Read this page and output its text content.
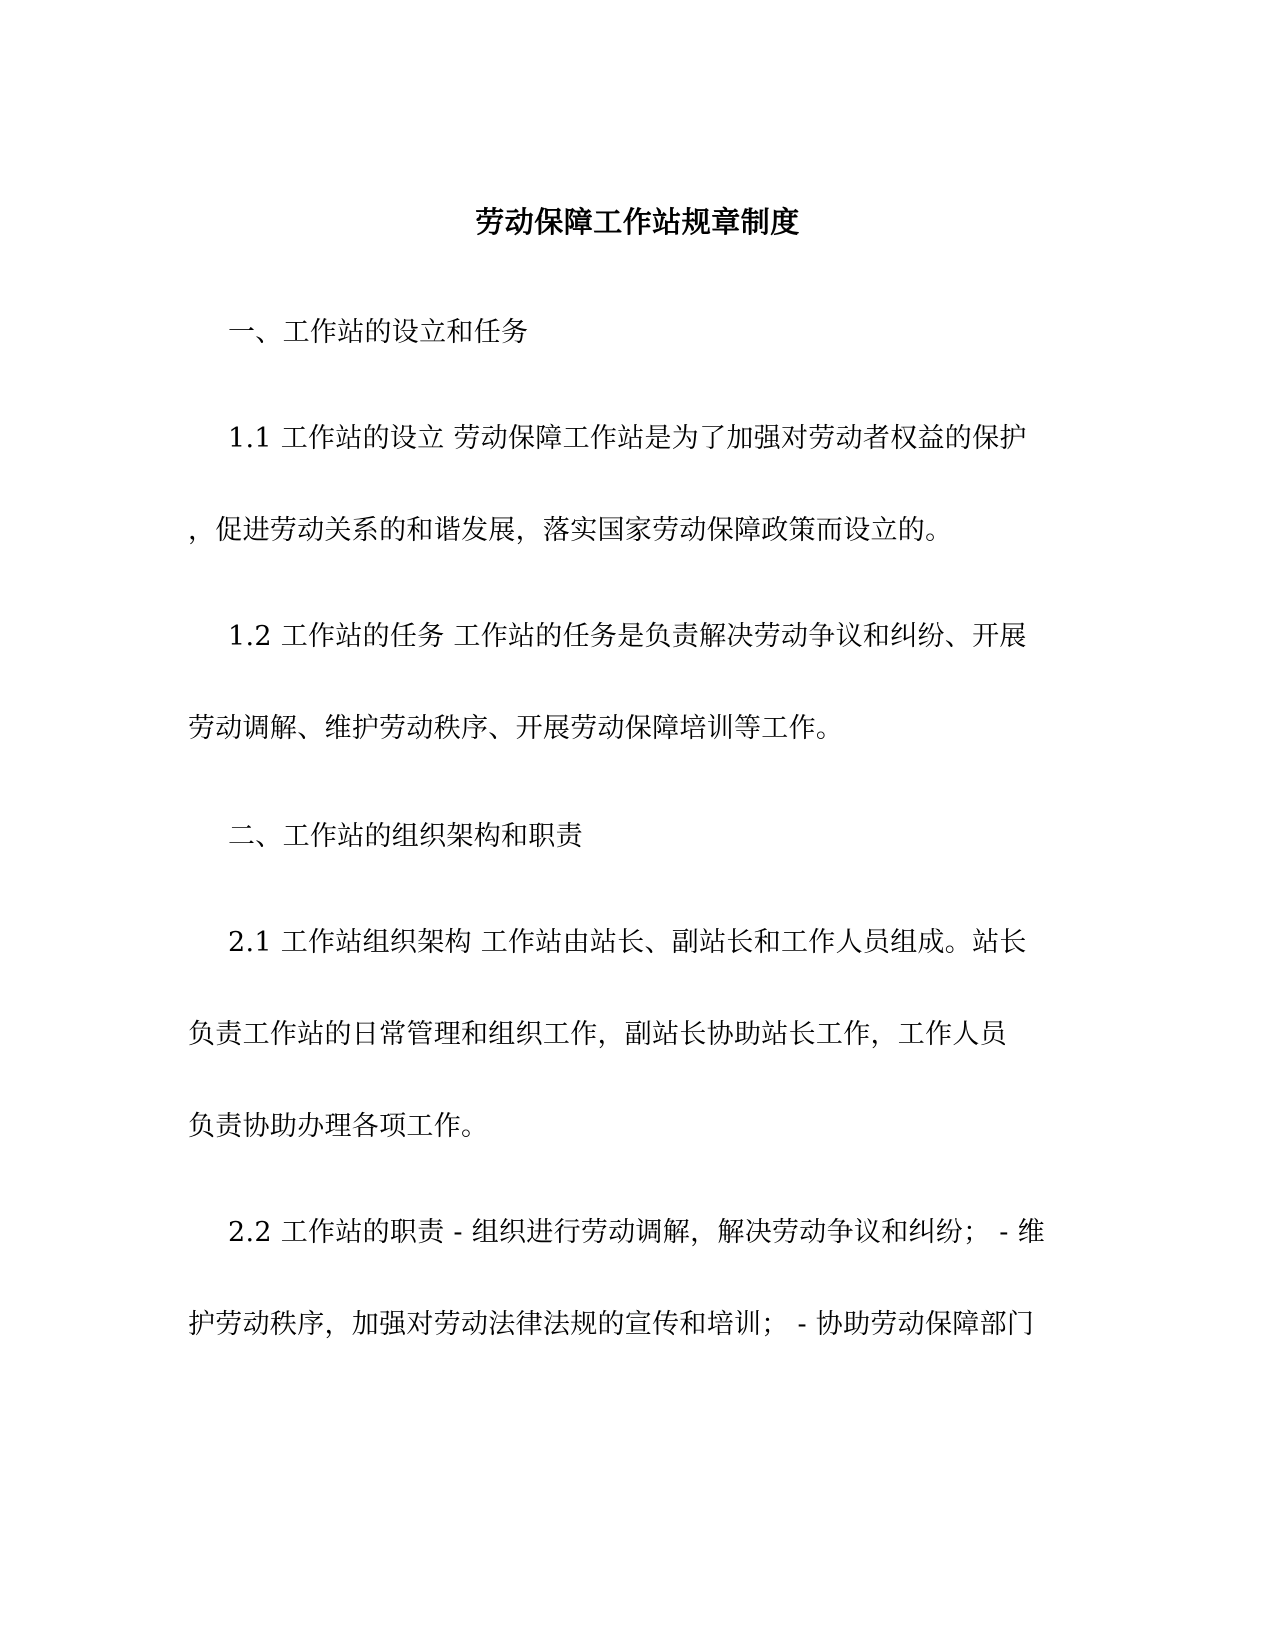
劳动保障工作站规章制度
一、工作站的设立和任务
1.1 工作站的设立 劳动保障工作站是为了加强对劳动者权益的保护
，促进劳动关系的和谐发展，落实国家劳动保障政策而设立的。
1.2 工作站的任务 工作站的任务是负责解决劳动争议和纠纷、开展
劳动调解、维护劳动秩序、开展劳动保障培训等工作。
二、工作站的组织架构和职责
2.1 工作站组织架构 工作站由站长、副站长和工作人员组成。站长
负责工作站的日常管理和组织工作，副站长协助站长工作，工作人员
负责协助办理各项工作。
2.2 工作站的职责 - 组织进行劳动调解，解决劳动争议和纠纷； - 维
护劳动秩序，加强对劳动法律法规的宣传和培训； - 协助劳动保障部门
